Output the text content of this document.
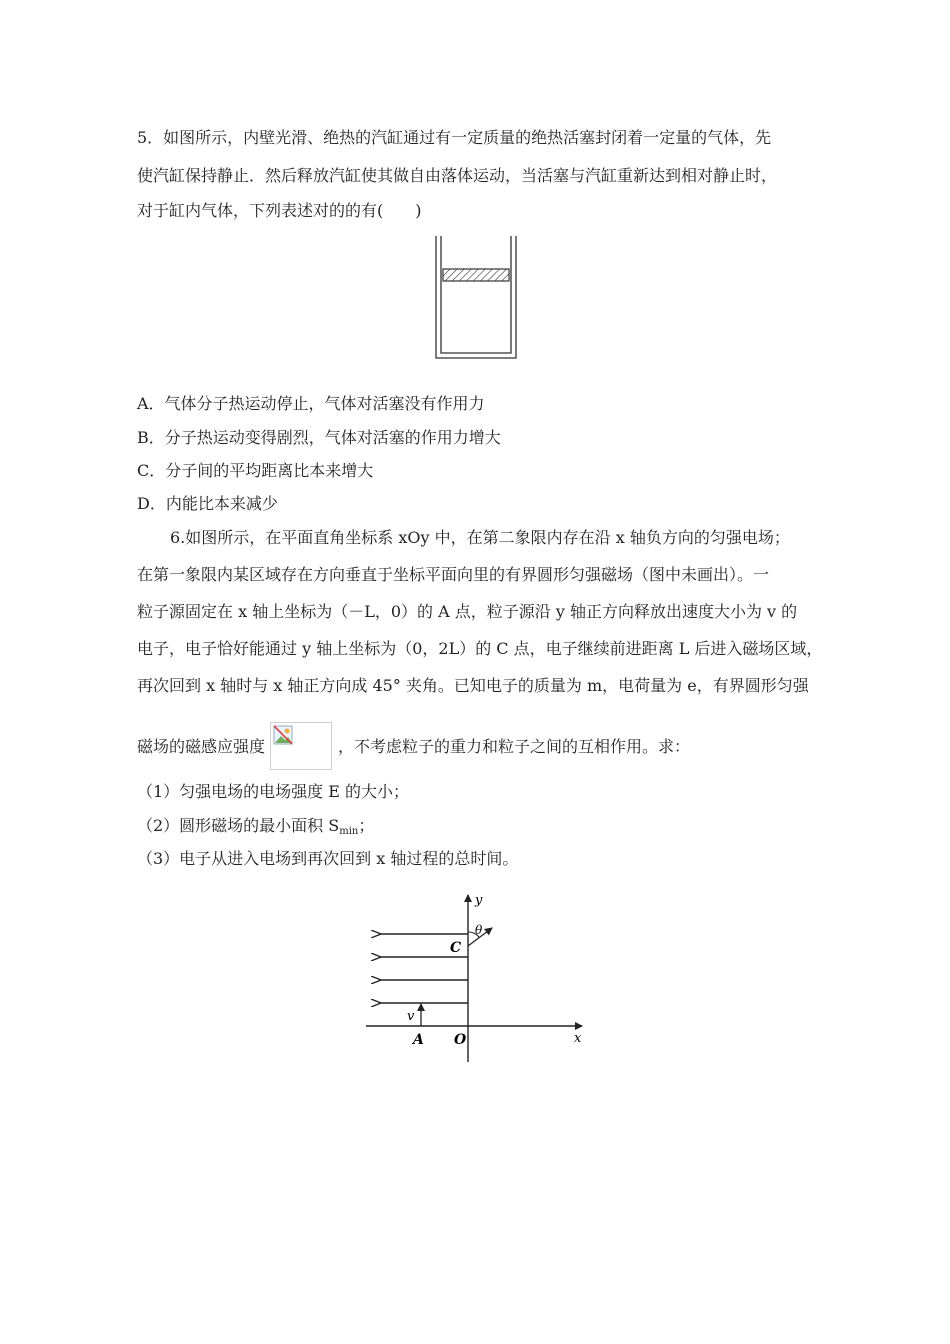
5．如图所示，内壁光滑、绝热的汽缸通过有一定质量的绝热活塞封闭着一定量的气体，先
使汽缸保持静止．然后释放汽缸使其做自由落体运动，当活塞与汽缸重新达到相对静止时，
对于缸内气体，下列表述对的的有(　　)
A．气体分子热运动停止，气体对活塞没有作用力
B．分子热运动变得剧烈，气体对活塞的作用力增大
C．分子间的平均距离比本来增大
D．内能比本来减少
6.如图所示，在平面直角坐标系 xOy 中，在第二象限内存在沿 x 轴负方向的匀强电场；
在第一象限内某区域存在方向垂直于坐标平面向里的有界圆形匀强磁场（图中未画出）。一
粒子源固定在 x 轴上坐标为（－L，0）的 A 点，粒子源沿 y 轴正方向释放出速度大小为 v 的
电子，电子恰好能通过 y 轴上坐标为（0，2L）的 C 点，电子继续前进距离 L 后进入磁场区域，
再次回到 x 轴时与 x 轴正方向成 45° 夹角。已知电子的质量为 m，电荷量为 e，有界圆形匀强
磁场的磁感应强度	，不考虑粒子的重力和粒子之间的互相作用。求：
（1）匀强电场的电场强度 E 的大小；
（2）圆形磁场的最小面积 $S_{min}$；
（3）电子从进入电场到再次回到 x 轴过程的总时间。
y
x
C
θ
v
A O
